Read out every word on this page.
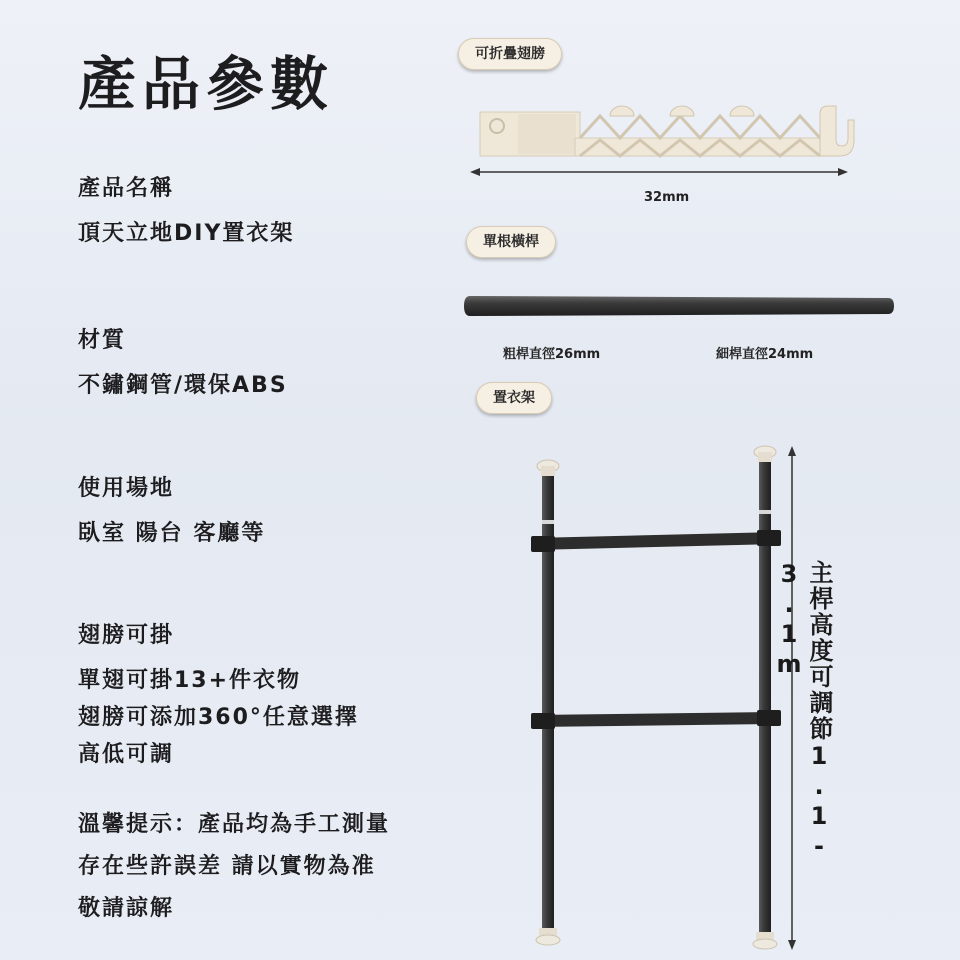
產品參數
產品名稱
頂天立地DIY置衣架
材質
不鏽鋼管/環保ABS
使用場地
臥室 陽台 客廳等
翅膀可掛
單翅可掛13+件衣物
翅膀可添加360°任意選擇
高低可調
溫馨提示：產品均為手工測量
存在些許誤差 請以實物為准
敬請諒解
可折疊翅膀
32mm
單根橫桿
粗桿直徑26mm	細桿直徑24mm
置衣架
主桿高度可調節1.1-3.1m
